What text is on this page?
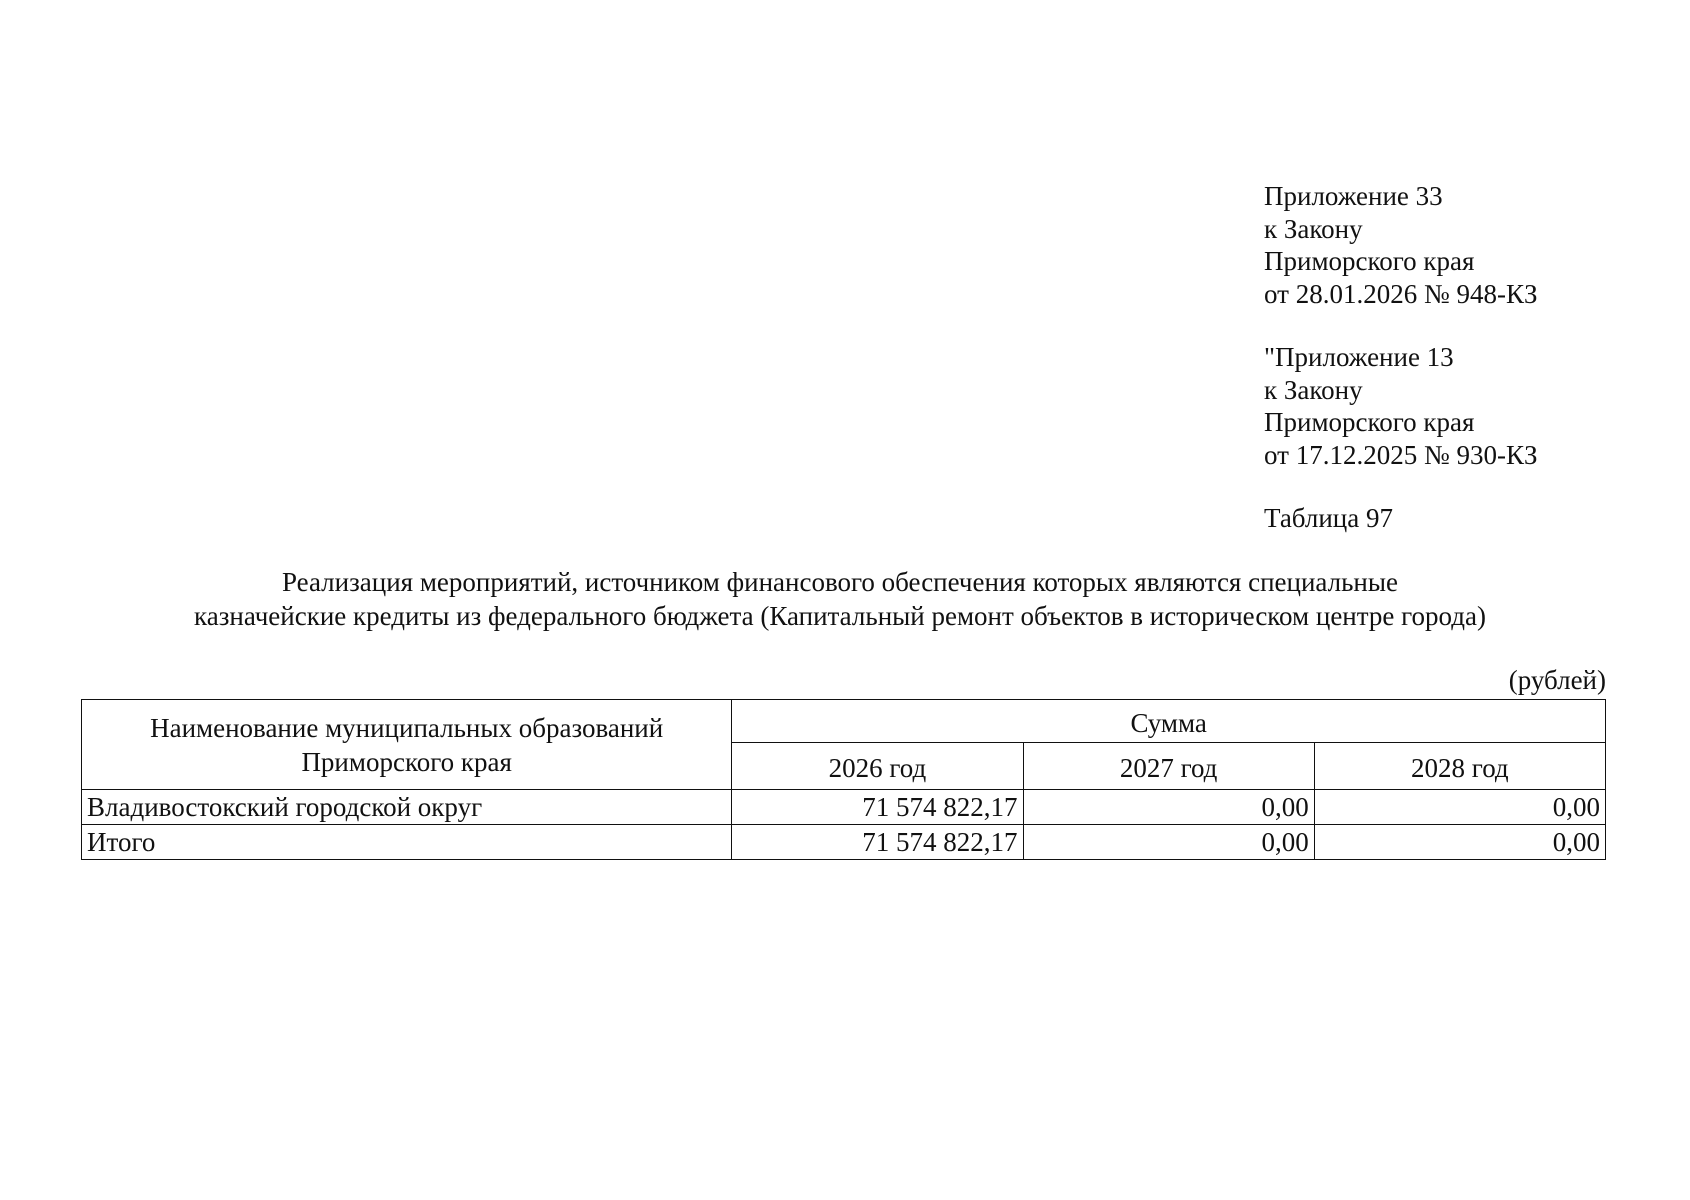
Приложение 33
к Закону
Приморского края
от 28.01.2026 № 948-КЗ
"Приложение 13
к Закону
Приморского края
от 17.12.2025 № 930-КЗ
Таблица 97
Реализация мероприятий, источником финансового обеспечения которых являются специальные
казначейские кредиты из федерального бюджета (Капитальный ремонт объектов в историческом центре города)
(рублей)
Наименование муниципальных образований Приморского края	Сумма		
	2026 год	2027 год	2028 год
Владивостокский городской округ	71 574 822,17	0,00	0,00
Итого	71 574 822,17	0,00	0,00
